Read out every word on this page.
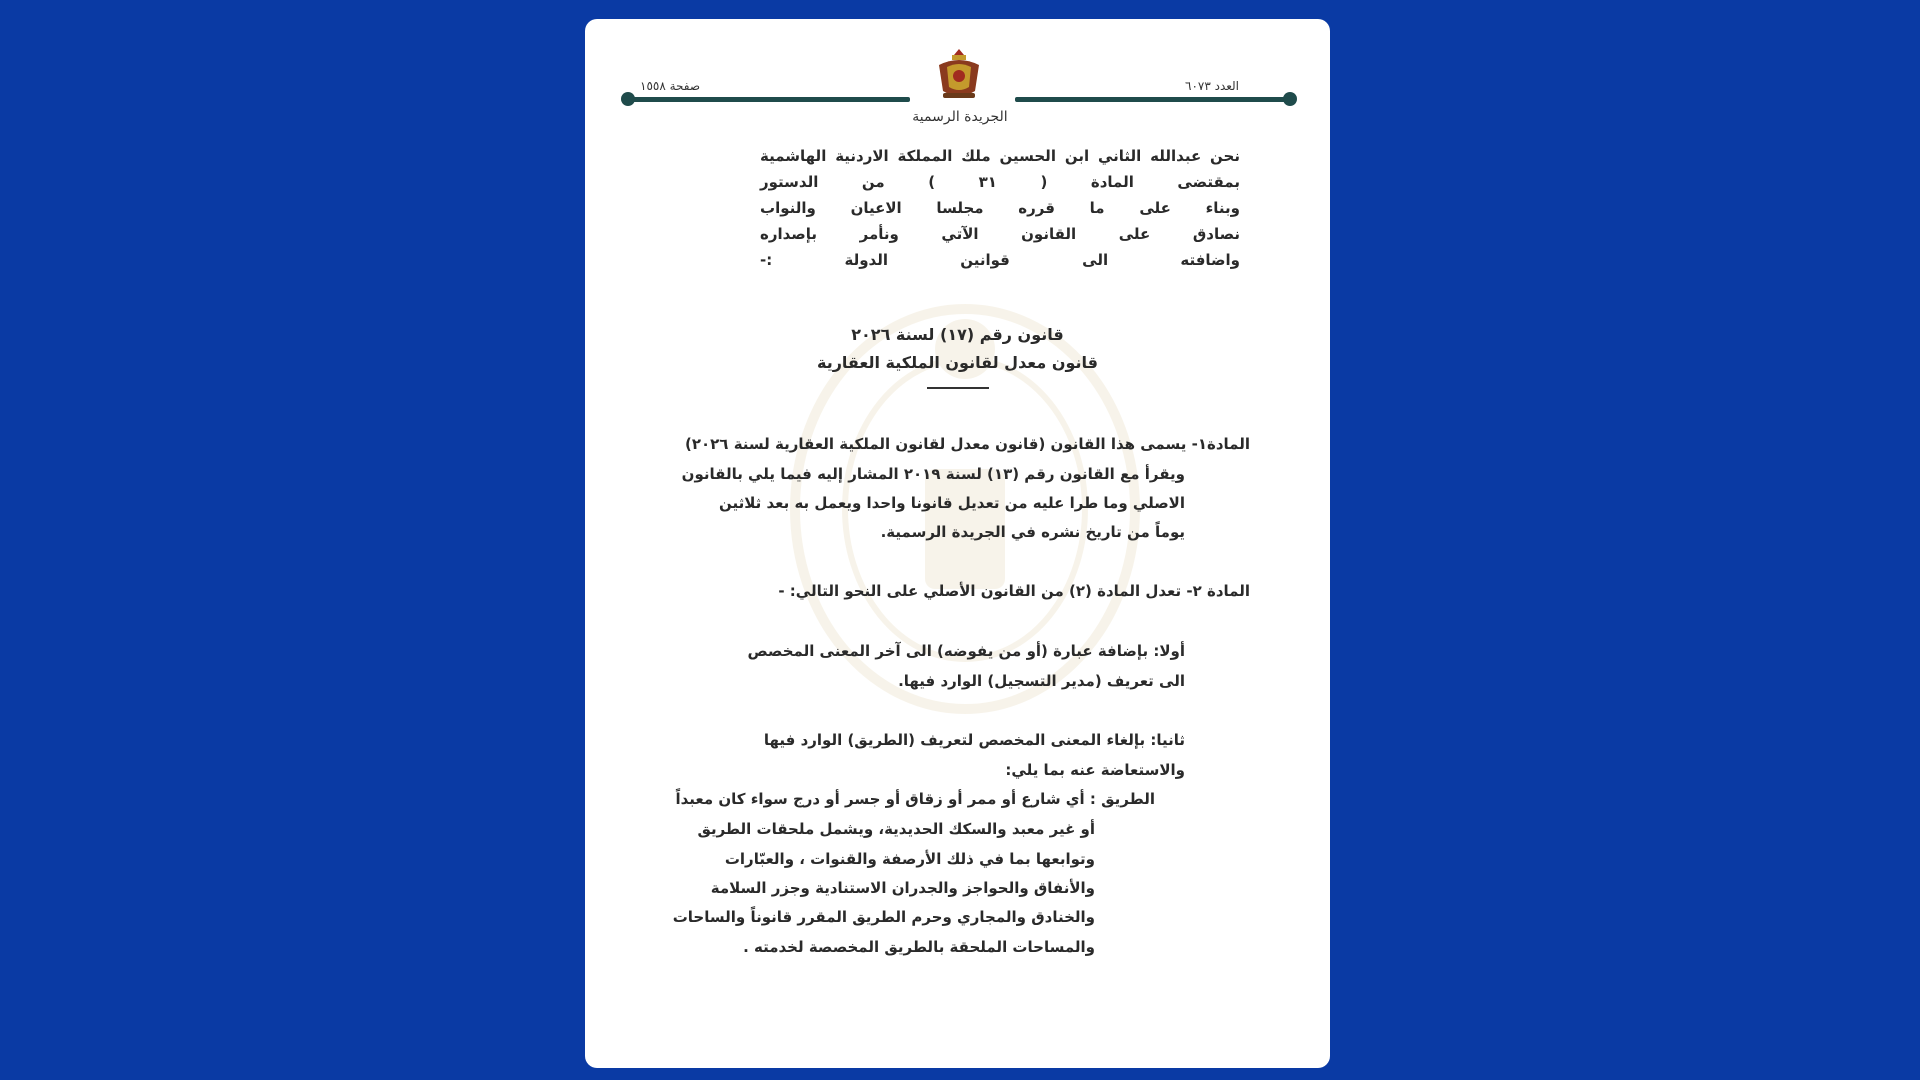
صفحة ١٥٥٨	العدد ٦٠٧٣
الجريدة الرسمية
نحن عبدالله الثاني ابن الحسين ملك المملكة الاردنية الهاشمية
بمقتضى المادة ( ٣١ ) من الدستور
وبناء على ما قرره مجلسا الاعيان والنواب
نصادق على القانون الآتي ونأمر بإصداره
واضافته الى قوانين الدولة :-
قانون رقم (١٧) لسنة ٢٠٢٦
قانون معدل لقانون الملكية العقارية
المادة١- يسمى هذا القانون (قانون معدل لقانون الملكية العقارية لسنة ٢٠٢٦)
ويقرأ مع القانون رقم (١٣) لسنة ٢٠١٩ المشار إليه فيما يلي بالقانون
الاصلي وما طرا عليه من تعديل قانونا واحدا ويعمل به بعد ثلاثين
يوماً من تاريخ نشره في الجريدة الرسمية.
المادة ٢- تعدل المادة (٢) من القانون الأصلي على النحو التالي: -
أولا: بإضافة عبارة (أو من يفوضه) الى آخر المعنى المخصص
الى تعريف (مدير التسجيل) الوارد فيها.
ثانيا: بإلغاء المعنى المخصص لتعريف (الطريق) الوارد فيها
والاستعاضة عنه بما يلي:
الطريق : أي شارع أو ممر أو زقاق أو جسر أو درج سواء كان معبداً
أو غير معبد والسكك الحديدية، ويشمل ملحقات الطريق
وتوابعها بما في ذلك الأرصفة والقنوات ، والعبّارات
والأنفاق والحواجز والجدران الاستنادية وجزر السلامة
والخنادق والمجاري وحرم الطريق المقرر قانوناً والساحات
والمساحات الملحقة بالطريق المخصصة لخدمته .
